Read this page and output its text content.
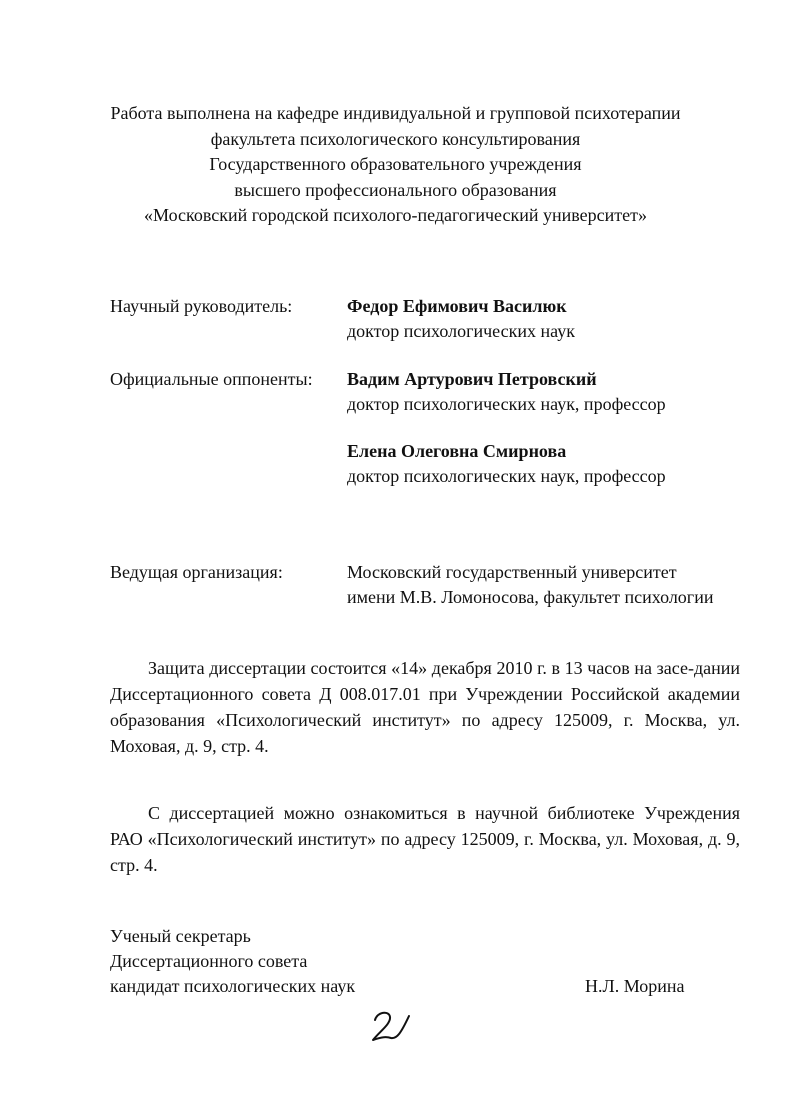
Работа выполнена на кафедре индивидуальной и групповой психотерапии
факультета психологического консультирования
Государственного образовательного учреждения
высшего профессионального образования
«Московский городской психолого-педагогический университет»
Научный руководитель:	Федор Ефимович Василюк
доктор психологических наук
Официальные оппоненты: Вадим Артурович Петровский
доктор психологических наук, профессор
Елена Олеговна Смирнова
доктор психологических наук, профессор
Ведущая организация:	Московский государственный университет
имени М.В. Ломоносова, факультет психологии
Защита диссертации состоится «14» декабря 2010 г. в 13 часов на засе-дании Диссертационного совета Д 008.017.01 при Учреждении Российской академии образования «Психологический институт» по адресу 125009, г. Москва, ул. Моховая, д. 9, стр. 4.
С диссертацией можно ознакомиться в научной библиотеке Учреждения РАО «Психологический институт» по адресу 125009, г. Москва, ул. Моховая, д. 9, стр. 4.
Ученый секретарь
Диссертационного совета
кандидат психологических наук	Н.Л. Морина
